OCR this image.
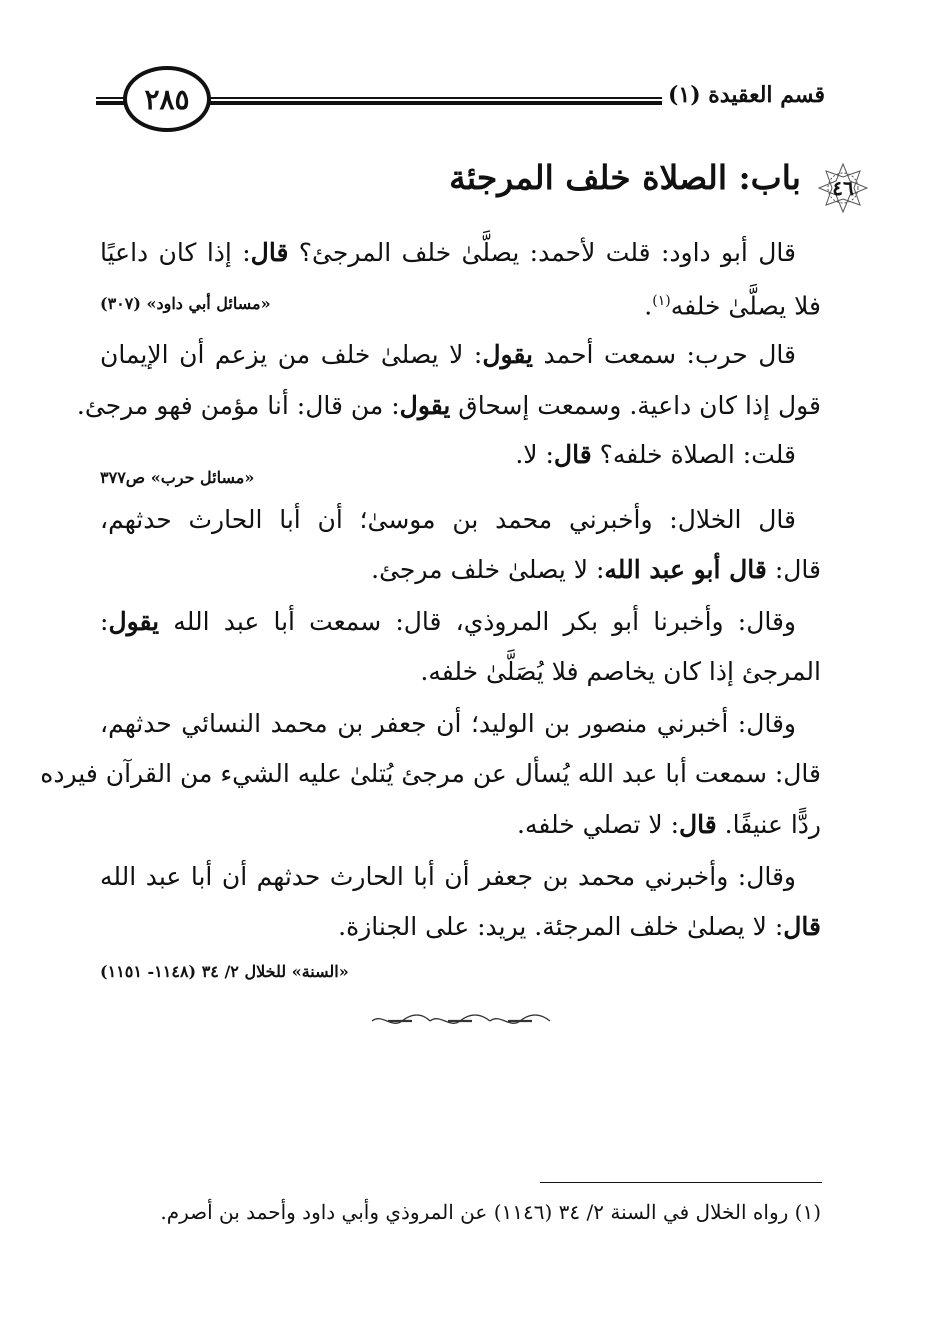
قسم العقيدة (١)
٢٨٥
٤٦
باب: الصلاة خلف المرجئة
قال أبو داود: قلت لأحمد: يصلَّىٰ خلف المرجئ؟ قال: إذا كان داعيًا
فلا يصلَّىٰ خلفه$^{(١)}$.
«مسائل أبي داود» (٣٠٧)
قال حرب: سمعت أحمد يقول: لا يصلىٰ خلف من يزعم أن الإيمان
قول إذا كان داعية. وسمعت إسحاق يقول: من قال: أنا مؤمن فهو مرجئ.
قلت: الصلاة خلفه؟ قال: لا.
«مسائل حرب» ص٣٧٧
قال الخلال: وأخبرني محمد بن موسىٰ؛ أن أبا الحارث حدثهم،
قال: قال أبو عبد الله: لا يصلىٰ خلف مرجئ.
وقال: وأخبرنا أبو بكر المروذي، قال: سمعت أبا عبد الله يقول:
المرجئ إذا كان يخاصم فلا يُصَلَّىٰ خلفه.
وقال: أخبرني منصور بن الوليد؛ أن جعفر بن محمد النسائي حدثهم،
قال: سمعت أبا عبد الله يُسأل عن مرجئ يُتلىٰ عليه الشيء من القرآن فيرده
ردًّا عنيفًا. قال: لا تصلي خلفه.
وقال: وأخبرني محمد بن جعفر أن أبا الحارث حدثهم أن أبا عبد الله
قال: لا يصلىٰ خلف المرجئة. يريد: على الجنازة.
«السنة» للخلال ٢/ ٣٤ (١١٤٨- ١١٥١)
(١) رواه الخلال في السنة ٢/ ٣٤ (١١٤٦) عن المروذي وأبي داود وأحمد بن أصرم.
